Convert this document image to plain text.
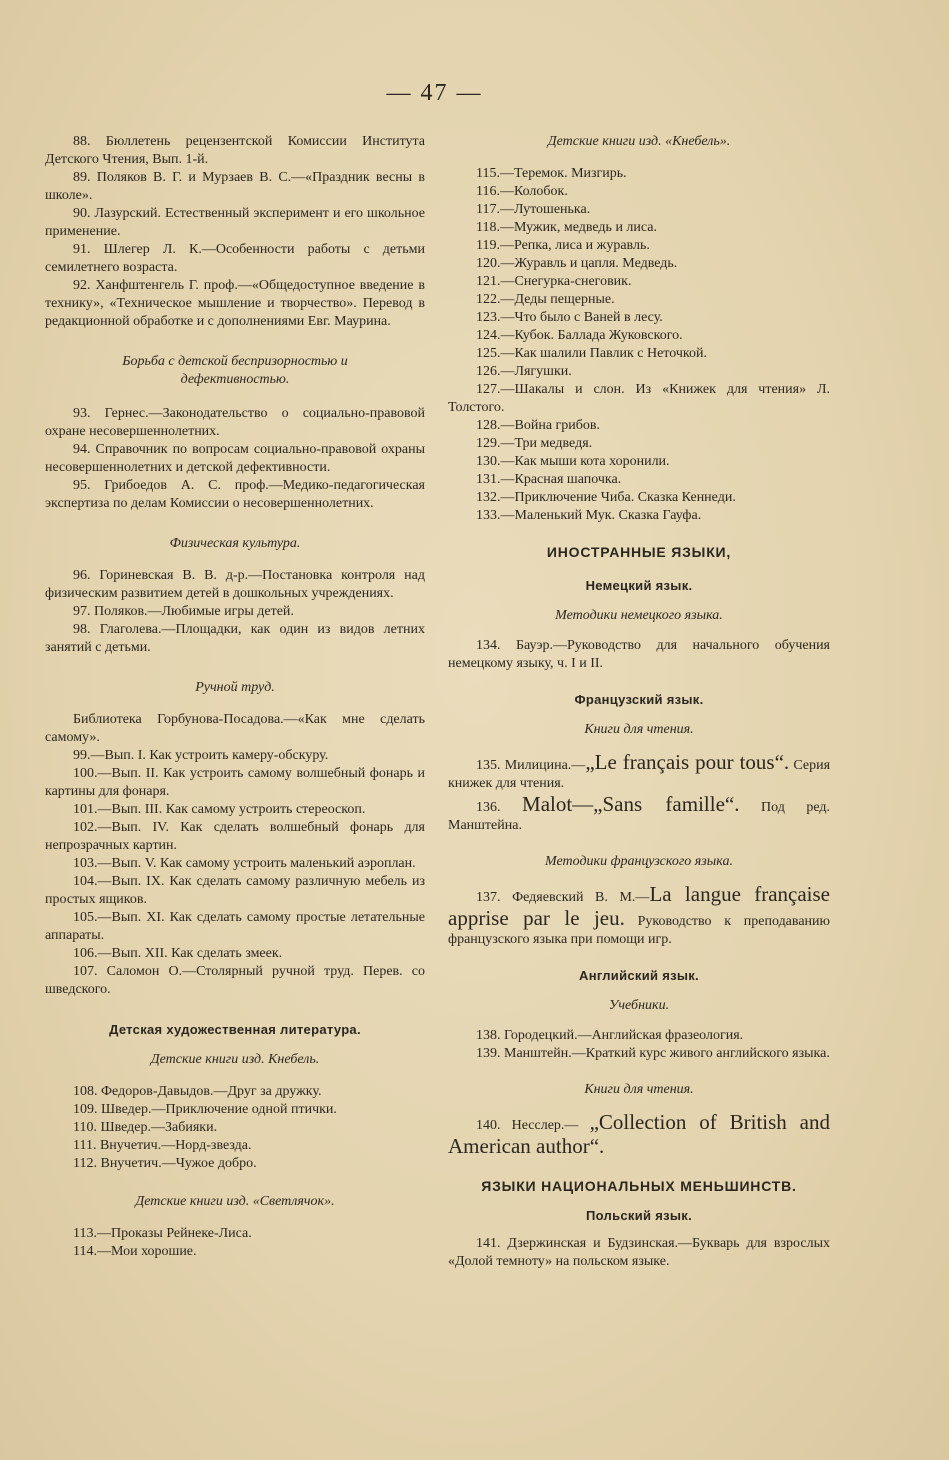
— 47 —

88. Бюллетень рецензентской Комиссии Института Детского Чтения, Вып. 1-й.

89. Поляков В. Г. и Мурзаев В. С.—«Праздник весны в школе».

90. Лазурский. Естественный эксперимент и его школьное применение.

91. Шлегер Л. К.—Особенности работы с детьми семилетнего возраста.

92. Ханфштенгель Г. проф.—«Общедоступное введение в технику», «Техническое мышление и творчество». Перевод в редакционной обработке и с дополнениями Евг. Маурина.

Борьба с детской беспризорностью и дефективностью.

93. Гернес.—Законодательство о социально-правовой охране несовершеннолетних.

94. Справочник по вопросам социально-правовой охраны несовершеннолетних и детской дефективности.

95. Грибоедов А. С. проф.—Медико-педагогическая экспертиза по делам Комиссии о несовершеннолетних.

Физическая культура.

96. Гориневская В. В. д-р.—Постановка контроля над физическим развитием детей в дошкольных учреждениях.

97. Поляков.—Любимые игры детей.

98. Глаголева.—Площадки, как один из видов летних занятий с детьми.

Ручной труд.

Библиотека Горбунова-Посадова.—«Как мне сделать самому».

99.—Вып. I. Как устроить камеру-обскуру.

100.—Вып. II. Как устроить самому волшебный фонарь и картины для фонаря.

101.—Вып. III. Как самому устроить стереоскоп.

102.—Вып. IV. Как сделать волшебный фонарь для непрозрачных картин.

103.—Вып. V. Как самому устроить маленький аэроплан.

104.—Вып. IX. Как сделать самому различную мебель из простых ящиков.

105.—Вып. XI. Как сделать самому простые летательные аппараты.

106.—Вып. XII. Как сделать змеек.

107. Саломон О.—Столярный ручной труд. Перев. со шведского.

Детская художественная литература.

Детские книги изд. Кнебель.

108. Федоров-Давыдов.—Друг за дружку.

109. Шведер.—Приключение одной птички.

110. Шведер.—Забияки.

111. Внучетич.—Норд-звезда.

112. Внучетич.—Чужое добро.

Детские книги изд. «Светлячок».

113.—Проказы Рейнеке-Лиса.

114.—Мои хорошие.

Детские книги изд. «Кнебель».

115.—Теремок. Мизгирь.

116.—Колобок.

117.—Лутошенька.

118.—Мужик, медведь и лиса.

119.—Репка, лиса и журавль.

120.—Журавль и цапля. Медведь.

121.—Снегурка-снеговик.

122.—Деды пещерные.

123.—Что было с Ваней в лесу.

124.—Кубок. Баллада Жуковского.

125.—Как шалили Павлик с Неточкой.

126.—Лягушки.

127.—Шакалы и слон. Из «Книжек для чтения» Л. Толстого.

128.—Война грибов.

129.—Три медведя.

130.—Как мыши кота хоронили.

131.—Красная шапочка.

132.—Приключение Чиба. Сказка Кеннеди.

133.—Маленький Мук. Сказка Гауфа.

ИНОСТРАННЫЕ ЯЗЫКИ,

Немецкий язык.

Методики немецкого языка.

134. Бауэр.—Руководство для начального обучения немецкому языку, ч. I и II.

Французский язык.

Книги для чтения.

135. Милицина.—„Le français pour tous“. Серия книжек для чтения.

136. Malot—„Sans famille“. Под ред. Манштейна.

Методики французского языка.

137. Федяевский В. М.—La langue française apprise par le jeu. Руководство к преподаванию французского языка при помощи игр.

Английский язык.

Учебники.

138. Городецкий.—Английская фразеология.

139. Манштейн.—Краткий курс живого английского языка.

Книги для чтения.

140. Несслер.— „Collection of British and American author“.

ЯЗЫКИ НАЦИОНАЛЬНЫХ МЕНЬШИНСТВ.

Польский язык.

141. Дзержинская и Будзинская.—Букварь для взрослых «Долой темноту» на польском языке.
